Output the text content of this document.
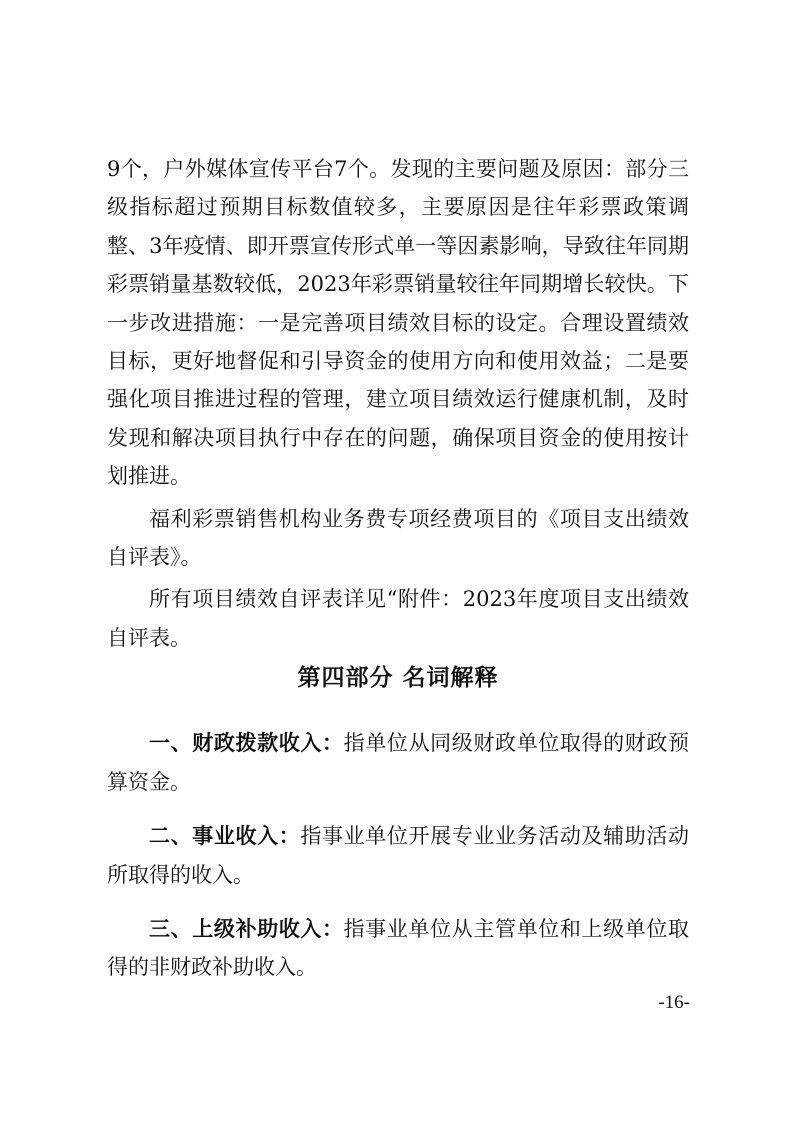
9个，户外媒体宣传平台7个。发现的主要问题及原因：部分三级指标超过预期目标数值较多，主要原因是往年彩票政策调整、3年疫情、即开票宣传形式单一等因素影响，导致往年同期彩票销量基数较低，2023年彩票销量较往年同期增长较快。下一步改进措施：一是完善项目绩效目标的设定。合理设置绩效目标，更好地督促和引导资金的使用方向和使用效益；二是要强化项目推进过程的管理，建立项目绩效运行健康机制，及时发现和解决项目执行中存在的问题，确保项目资金的使用按计划推进。

福利彩票销售机构业务费专项经费项目的《项目支出绩效自评表》。

所有项目绩效自评表详见“附件：2023年度项目支出绩效自评表。

第四部分 名词解释

一、财政拨款收入：指单位从同级财政单位取得的财政预算资金。

二、事业收入：指事业单位开展专业业务活动及辅助活动所取得的收入。

三、上级补助收入：指事业单位从主管单位和上级单位取得的非财政补助收入。

-16-
